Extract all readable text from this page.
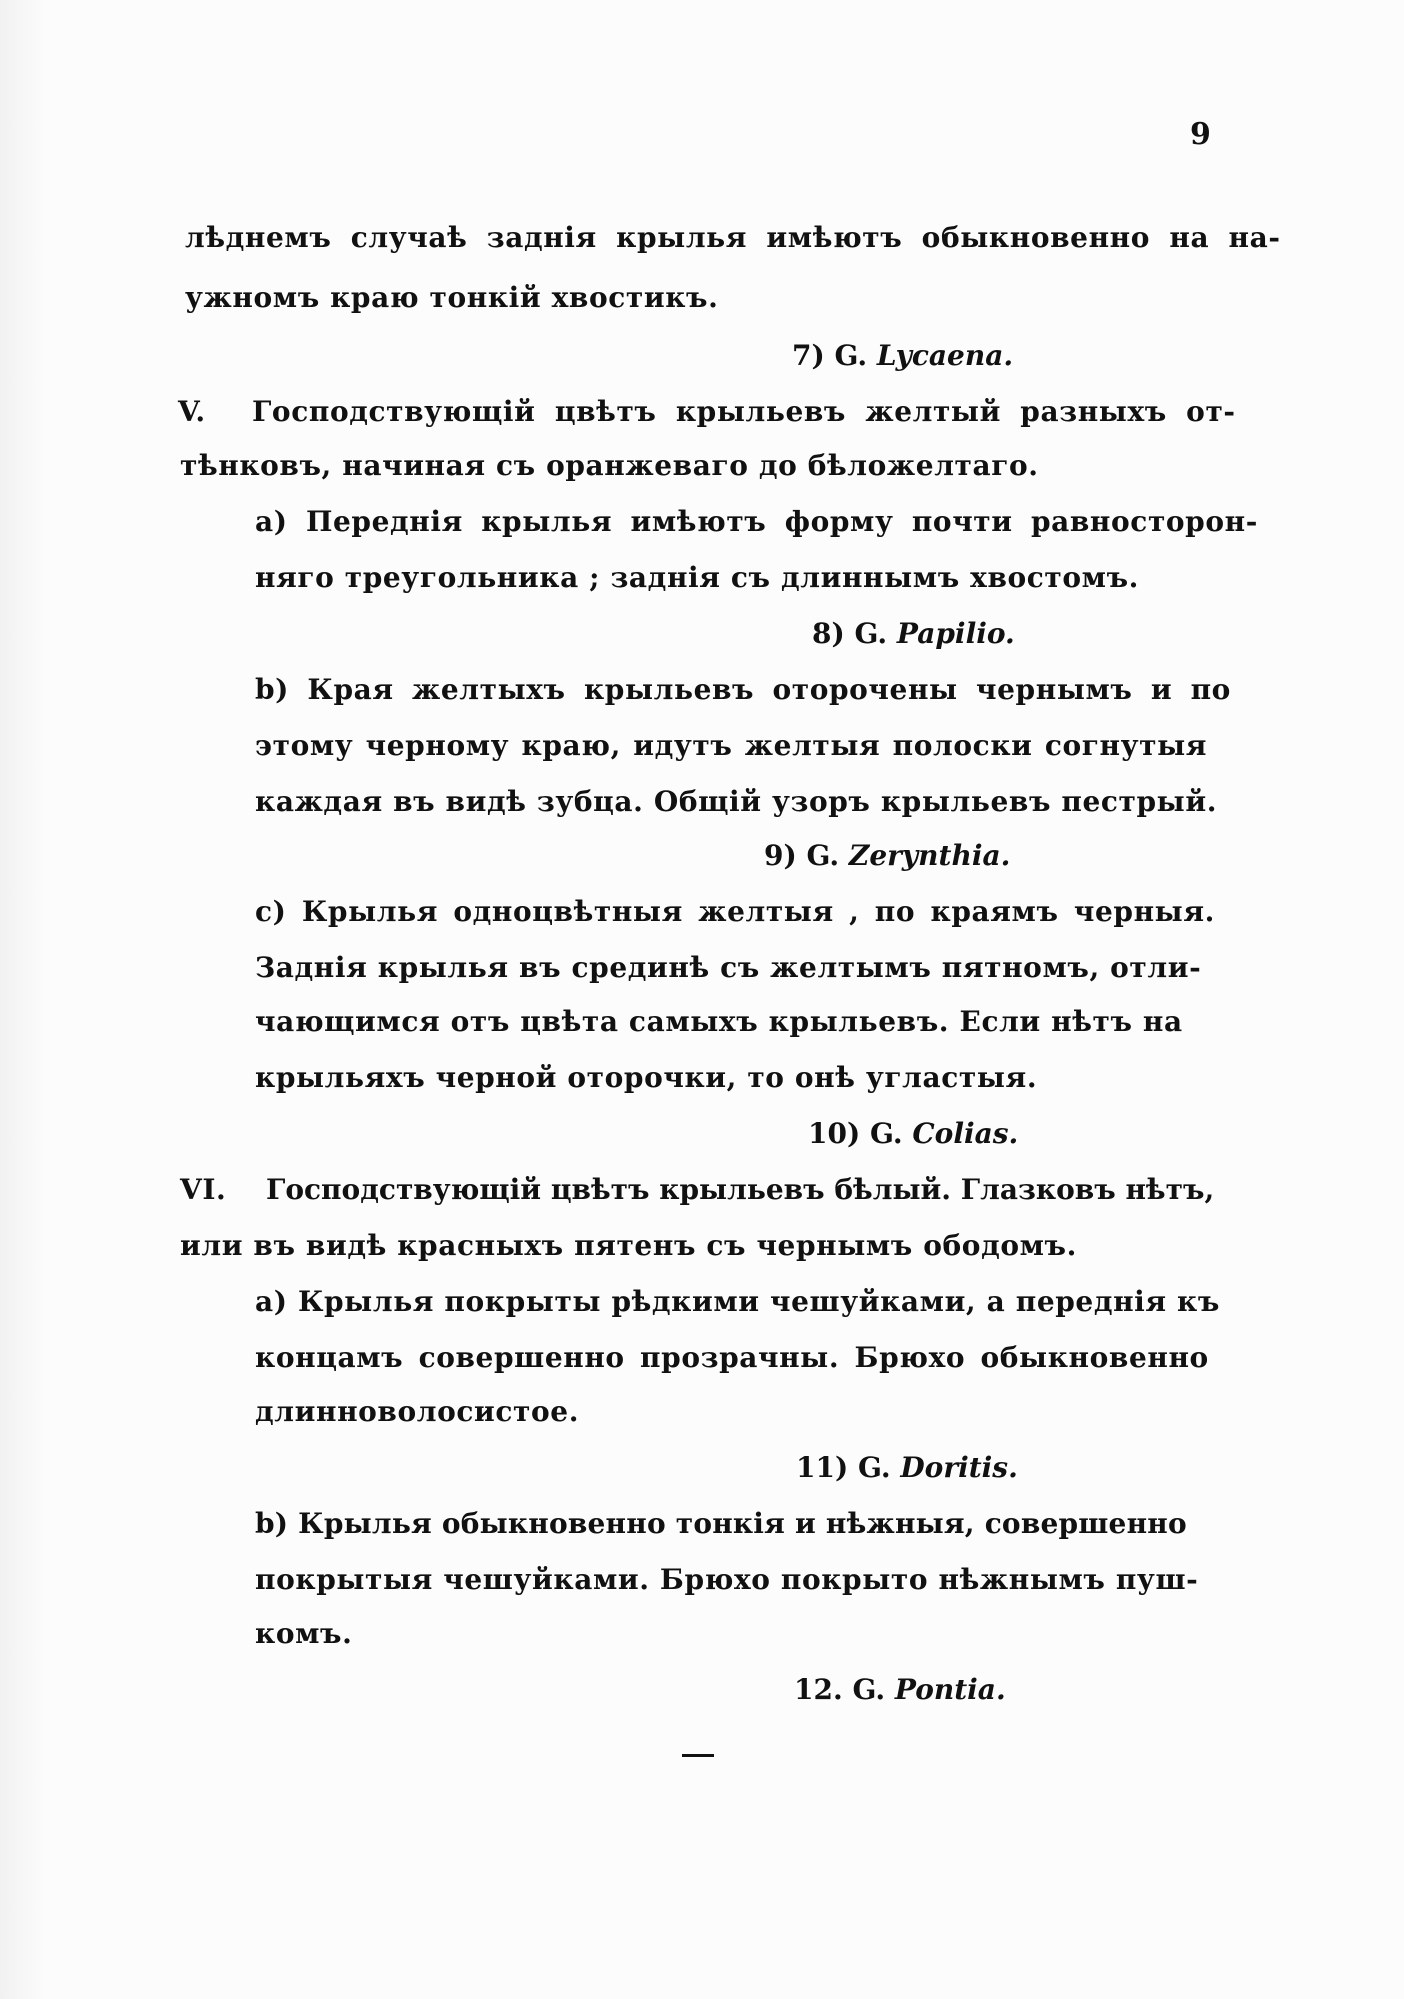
9
лѣднемъ случаѣ заднія крылья имѣютъ обыкновенно на на-
ужномъ краю тонкій хвостикъ.
7) G. Lycaena.
V. Господствующій цвѣтъ крыльевъ желтый разныхъ от-
тѣнковъ, начиная съ оранжеваго до бѣложелтаго.
а) Переднія крылья имѣютъ форму почти равносторон-
няго треугольника ; заднія съ длиннымъ хвостомъ.
8) G. Papilio.
b) Края желтыхъ крыльевъ оторочены чернымъ и по
этому черному краю, идутъ желтыя полоски согнутыя
каждая въ видѣ зубца. Общій узоръ крыльевъ пестрый.
9) G. Zerynthia.
с) Крылья одноцвѣтныя желтыя , по краямъ черныя.
Заднія крылья въ срединѣ съ желтымъ пятномъ, отли-
чающимся отъ цвѣта самыхъ крыльевъ. Если нѣтъ на
крыльяхъ черной оторочки, то онѣ угластыя.
10) G. Colias.
VI. Господствующій цвѣтъ крыльевъ бѣлый. Глазковъ нѣтъ,
или въ видѣ красныхъ пятенъ съ чернымъ ободомъ.
а) Крылья покрыты рѣдкими чешуйками, а переднія къ
концамъ совершенно прозрачны. Брюхо обыкновенно
длинноволосистое.
11) G. Doritis.
b) Крылья обыкновенно тонкія и нѣжныя, совершенно
покрытыя чешуйками. Брюхо покрыто нѣжнымъ пуш-
комъ.
12. G. Pontia.
